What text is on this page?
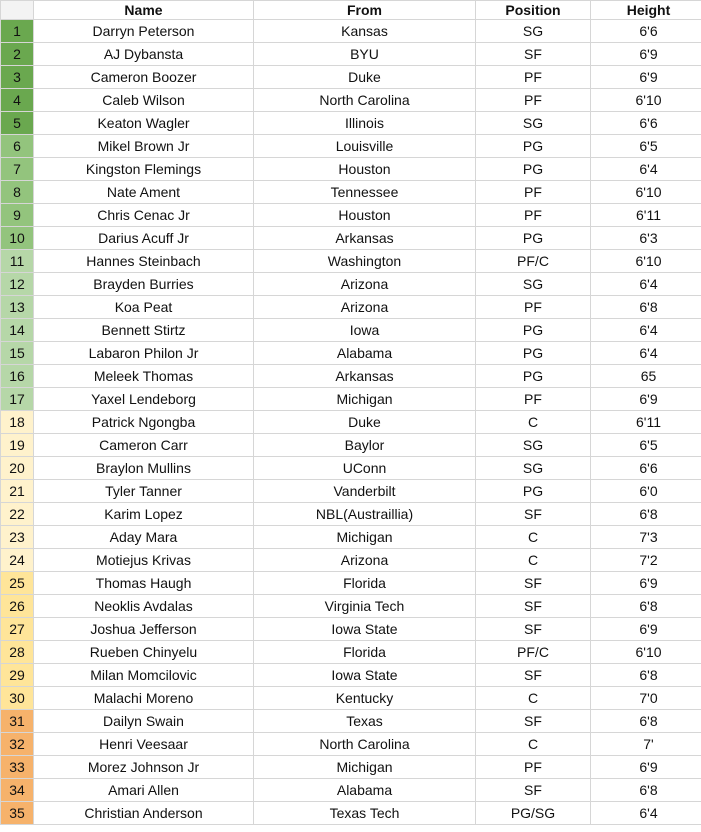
	Name	From	Position	Height
1	Darryn Peterson	Kansas	SG	6'6
2	AJ Dybansta	BYU	SF	6'9
3	Cameron Boozer	Duke	PF	6'9
4	Caleb Wilson	North Carolina	PF	6'10
5	Keaton Wagler	Illinois	SG	6'6
6	Mikel Brown Jr	Louisville	PG	6'5
7	Kingston Flemings	Houston	PG	6'4
8	Nate Ament	Tennessee	PF	6'10
9	Chris Cenac Jr	Houston	PF	6'11
10	Darius Acuff Jr	Arkansas	PG	6'3
11	Hannes Steinbach	Washington	PF/C	6'10
12	Brayden Burries	Arizona	SG	6'4
13	Koa Peat	Arizona	PF	6'8
14	Bennett Stirtz	Iowa	PG	6'4
15	Labaron Philon Jr	Alabama	PG	6'4
16	Meleek Thomas	Arkansas	PG	65
17	Yaxel Lendeborg	Michigan	PF	6'9
18	Patrick Ngongba	Duke	C	6'11
19	Cameron Carr	Baylor	SG	6'5
20	Braylon Mullins	UConn	SG	6'6
21	Tyler Tanner	Vanderbilt	PG	6'0
22	Karim Lopez	NBL(Austraillia)	SF	6'8
23	Aday Mara	Michigan	C	7'3
24	Motiejus Krivas	Arizona	C	7'2
25	Thomas Haugh	Florida	SF	6'9
26	Neoklis Avdalas	Virginia Tech	SF	6'8
27	Joshua Jefferson	Iowa State	SF	6'9
28	Rueben Chinyelu	Florida	PF/C	6'10
29	Milan Momcilovic	Iowa State	SF	6'8
30	Malachi Moreno	Kentucky	C	7'0
31	Dailyn Swain	Texas	SF	6'8
32	Henri Veesaar	North Carolina	C	7'
33	Morez Johnson Jr	Michigan	PF	6'9
34	Amari Allen	Alabama	SF	6'8
35	Christian Anderson	Texas Tech	PG/SG	6'4
